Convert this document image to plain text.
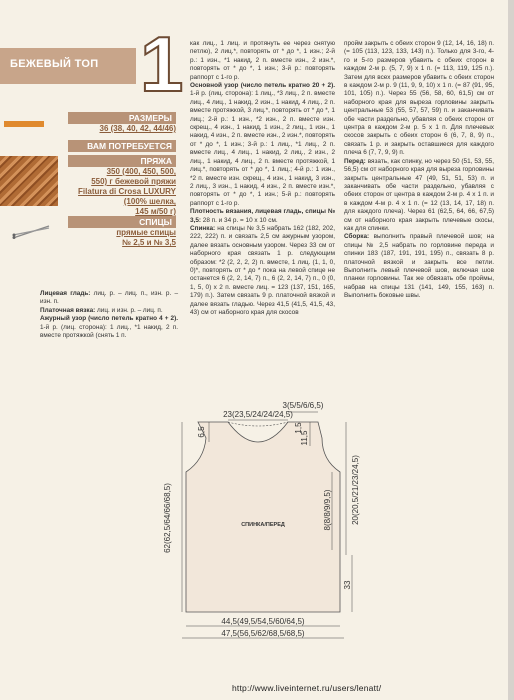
БЕЖЕВЫЙ ТОП 1
РАЗМЕРЫ
36 (38, 40, 42, 44/46)
ВАМ ПОТРЕБУЕТСЯ
ПРЯЖА
350 (400, 450, 500,
550) г бежевой пряжи
Filatura di Crosa LUXURY
(100% шелка,
145 м/50 г)
СПИЦЫ
прямые спицы
№ 2,5 и № 3,5

Лицевая гладь: лиц. р. – лиц. п., изн. р. – изн. п.

Платочная вязка: лиц. и изн. р. – лиц. п.

Ажурный узор (число петель кратно 4 + 2). 1-й р. (лиц. сторона): 1 лиц., *1 накид, 2 п. вместе протяжкой (снять 1 п.

как лиц., 1 лиц. и протянуть ее через снятую петлю), 2 лиц.*, повторять от * до *, 1 изн.; 2-й р.: 1 изн., *1 накид, 2 п. вместе изн., 2 изн.*, повторять от * до *, 1 изн.; 3-й р.: повторять раппорт с 1-го р.

Основной узор (число петель кратно 20 + 2). 1-й р. (лиц. сторона): 1 лиц., *3 лиц., 2 п. вместе лиц., 4 лиц., 1 накид, 2 изн., 1 накид, 4 лиц., 2 п. вместе протяжкой, 3 лиц.*, повторять от * до *, 1 лиц.; 2-й р.: 1 изн., *2 изн., 2 п. вместе изн. скрещ., 4 изн., 1 накид, 1 изн., 2 лиц., 1 изн., 1 накид, 4 изн., 2 п. вместе изн., 2 изн.*, повторять от * до *, 1 изн.; 3-й р.: 1 лиц., *1 лиц., 2 п. вместе лиц., 4 лиц., 1 накид, 2 лиц., 2 изн., 2 лиц., 1 накид, 4 лиц., 2 п. вместе протяжкой, 1 лиц.*, повторять от * до *, 1 лиц.; 4-й р.: 1 изн., *2 п. вместе изн. скрещ., 4 изн., 1 накид, 3 изн., 2 лиц., 3 изн., 1 накид, 4 изн., 2 п. вместе изн.*, повторять от * до *, 1 изн.; 5-й р.: повторять раппорт с 1-го р.

Плотность вязания, лицевая гладь, спицы № 3,5: 28 п. и 34 р. = 10 х 10 см.

Спинка: на спицы № 3,5 набрать 162 (182, 202, 222, 222) п. и связать 2,5 см ажурным узором, далее вязать основным узором. Через 33 см от наборного края связать 1 р. следующим образом: *2 (2, 2, 2, 2) п. вместе, 1 лиц. (1, 1, 0, 0)*, повторять от * до * пока на левой спице не останется 6 (2, 2, 14, 7) п., 6 (2, 2, 14, 7) п., 0 (0, 1, 5, 0) х 2 п. вместе лиц. = 123 (137, 151, 165, 179) п.). Затем связать 9 р. платочной вязкой и далее вязать гладью. Через 41,5 (41,5, 41,5, 43, 43) см от наборного края для скосов

пройм закрыть с обеих сторон 9 (12, 14, 16, 18) п. (= 105 (113, 123, 133, 143) п.). Только для 3-го, 4-го и 5-го размеров убавить с обеих сторон в каждом 2-м р. (5, 7, 9) х 1 п. (= 113, 119, 125 п.). Затем для всех размеров убавить с обеих сторон в каждом 2-м р. 9 (11, 9, 9, 10) х 1 п. (= 87 (91, 95, 101, 105) п.). Через 55 (56, 58, 60, 61,5) см от наборного края для выреза горловины закрыть центральные 53 (55, 57, 57, 59) п. и заканчивать обе части раздельно, убавляя с обеих сторон от центра в каждом 2-м р. 5 х 1 п. Для плечевых скосов закрыть с обеих сторон 6 (6, 7, 8, 9) п., связать 1 р. и закрыть оставшиеся для каждого плеча 6 (7, 7, 9, 9) п.

Перед: вязать, как спинку, но через 50 (51, 53, 55, 56,5) см от наборного края для выреза горловины закрыть центральные 47 (49, 51, 51, 53) п. и заканчивать обе части раздельно, убавляя с обеих сторон от центра в каждом 2-м р. 4 х 1 п. и в каждом 4-м р. 4 х 1 п. (= 12 (13, 14, 17, 18) п. для каждого плеча). Через 61 (62,5, 64, 66, 67,5) см от наборного края закрыть плечевые скосы, как для спинки.

Сборка: выполнить правый плечевой шов; на спицы № 2,5 набрать по горловине переда и спинки 183 (187, 191, 191, 195) п., связать 8 р. платочной вязкой и закрыть все петли. Выполнить левый плечевой шов, включая шов планки горловины. Так же обвязать обе проймы, набрав на спицы 131 (141, 149, 155, 163) п. Выполнить боковые швы.

3(5/5/6/6,5)
23(23,5/24/24/24,5)
62(62,5/64/66/68,5)
6,5	1,5
11,5
20(20,5/21/23/24,5)
8(8/8/9/9,5)
33
СПИНКА/ПЕРЕД
44,5(49,5/54,5/60/64,5)
47,5(56,5/62/68,5/68,5)
http://www.liveinternet.ru/users/lenatt/
